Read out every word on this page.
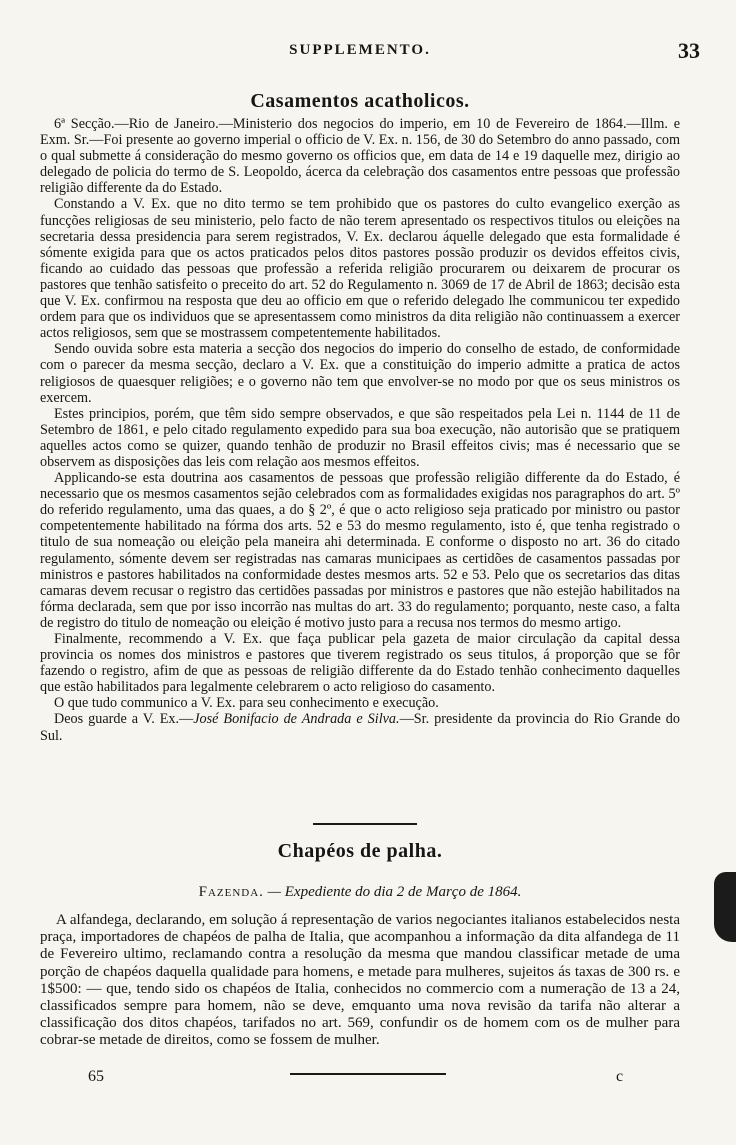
SUPPLEMENTO.	33
Casamentos acatholicos.

6ª Secção.—Rio de Janeiro.—Ministerio dos negocios do imperio, em 10 de Fevereiro de 1864.—Illm. e Exm. Sr.—Foi presente ao governo imperial o officio de V. Ex. n. 156, de 30 do Setembro do anno passado, com o qual submette á consideração do mesmo governo os officios que, em data de 14 e 19 daquelle mez, dirigio ao delegado de policia do termo de S. Leopoldo, ácerca da celebração dos casamentos entre pessoas que professão religião differente da do Estado.

Constando a V. Ex. que no dito termo se tem prohibido que os pastores do culto evangelico exerção as funcções religiosas de seu ministerio, pelo facto de não terem apresentado os respectivos titulos ou eleições na secretaria dessa presidencia para serem registrados, V. Ex. declarou áquelle delegado que esta formalidade é sómente exigida para que os actos praticados pelos ditos pastores possão produzir os devidos effeitos civis, ficando ao cuidado das pessoas que professão a referida religião procurarem ou deixarem de procurar os pastores que tenhão satisfeito o preceito do art. 52 do Regulamento n. 3069 de 17 de Abril de 1863; decisão esta que V. Ex. confirmou na resposta que deu ao officio em que o referido delegado lhe communicou ter expedido ordem para que os individuos que se apresentassem como ministros da dita religião não continuassem a exercer actos religiosos, sem que se mostrassem competentemente habilitados.

Sendo ouvida sobre esta materia a secção dos negocios do imperio do conselho de estado, de conformidade com o parecer da mesma secção, declaro a V. Ex. que a constituição do imperio admitte a pratica de actos religiosos de quaesquer religiões; e o governo não tem que envolver-se no modo por que os seus ministros os exercem.

Estes principios, porém, que têm sido sempre observados, e que são respeitados pela Lei n. 1144 de 11 de Setembro de 1861, e pelo citado regulamento expedido para sua boa execução, não autorisão que se pratiquem aquelles actos como se quizer, quando tenhão de produzir no Brasil effeitos civis; mas é necessario que se observem as disposições das leis com relação aos mesmos effeitos.

Applicando-se esta doutrina aos casamentos de pessoas que professão religião differente da do Estado, é necessario que os mesmos casamentos sejão celebrados com as formalidades exigidas nos paragraphos do art. 5º do referido regulamento, uma das quaes, a do § 2º, é que o acto religioso seja praticado por ministro ou pastor competentemente habilitado na fórma dos arts. 52 e 53 do mesmo regulamento, isto é, que tenha registrado o titulo de sua nomeação ou eleição pela maneira ahi determinada. E conforme o disposto no art. 36 do citado regulamento, sómente devem ser registradas nas camaras municipaes as certidões de casamentos passadas por ministros e pastores habilitados na conformidade destes mesmos arts. 52 e 53. Pelo que os secretarios das ditas camaras devem recusar o registro das certidões passadas por ministros e pastores que não estejão habilitados na fórma declarada, sem que por isso incorrão nas multas do art. 33 do regulamento; porquanto, neste caso, a falta de registro do titulo de nomeação ou eleição é motivo justo para a recusa nos termos do mesmo artigo.

Finalmente, recommendo a V. Ex. que faça publicar pela gazeta de maior circulação da capital dessa provincia os nomes dos ministros e pastores que tiverem registrado os seus titulos, á proporção que se fôr fazendo o registro, afim de que as pessoas de religião differente da do Estado tenhão conhecimento daquelles que estão habilitados para legalmente celebrarem o acto religioso do casamento.

O que tudo communico a V. Ex. para seu conhecimento e execução.

Deos guarde a V. Ex.—José Bonifacio de Andrada e Silva.—Sr. presidente da provincia do Rio Grande do Sul.

Chapéos de palha.
Fazenda. — Expediente do dia 2 de Março de 1864.

A alfandega, declarando, em solução á representação de varios negociantes italianos estabelecidos nesta praça, importadores de chapéos de palha de Italia, que acompanhou a informação da dita alfandega de 11 de Fevereiro ultimo, reclamando contra a resolução da mesma que mandou classificar metade de uma porção de chapéos daquella qualidade para homens, e metade para mulheres, sujeitos ás taxas de 300 rs. e 1$500: — que, tendo sido os chapéos de Italia, conhecidos no commercio com a numeração de 13 a 24, classificados sempre para homem, não se deve, emquanto uma nova revisão da tarifa não alterar a classificação dos ditos chapéos, tarifados no art. 569, confundir os de homem com os de mulher para cobrar-se metade de direitos, como se fossem de mulher.

65	c
